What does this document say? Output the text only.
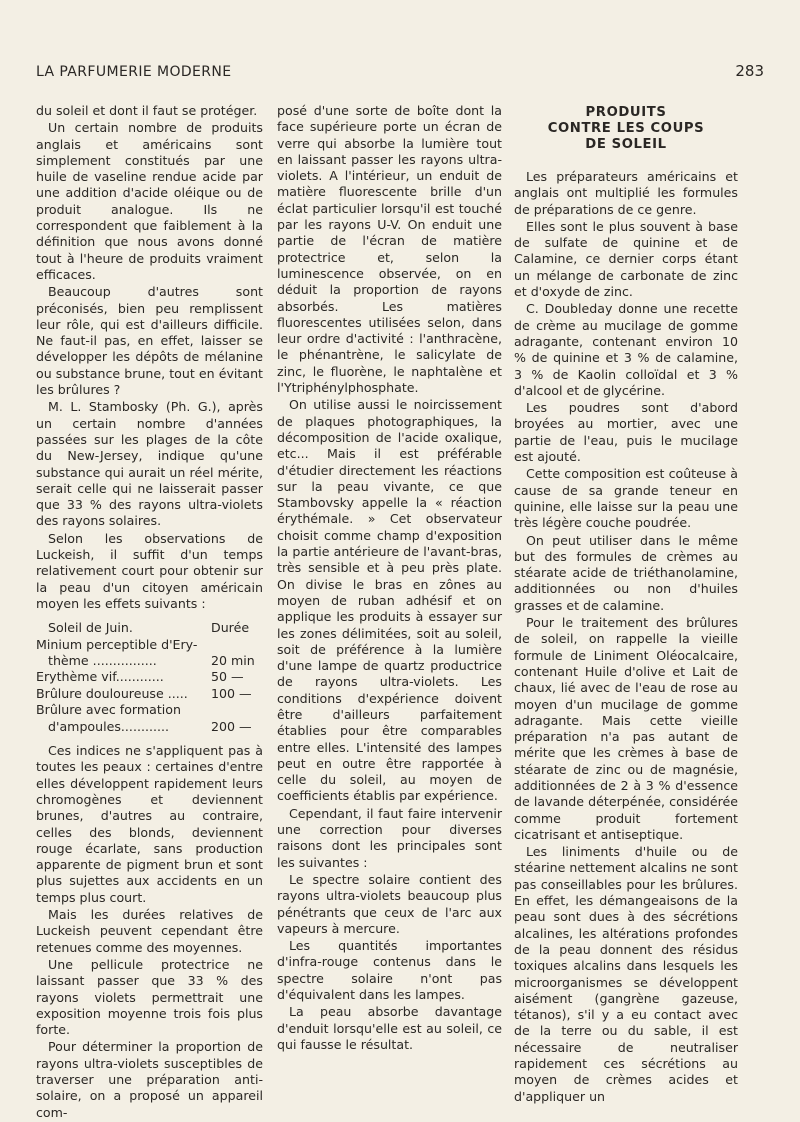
LA PARFUMERIE MODERNE	283

du soleil et dont il faut se protéger.

Un certain nombre de produits anglais et américains sont simplement constitués par une huile de vaseline rendue acide par une addition d'acide oléique ou de produit analogue. Ils ne correspondent que faiblement à la définition que nous avons donné tout à l'heure de produits vraiment efficaces.

Beaucoup d'autres sont préconisés, bien peu remplissent leur rôle, qui est d'ailleurs difficile. Ne faut-il pas, en effet, laisser se développer les dépôts de mélanine ou substance brune, tout en évitant les brûlures ?

M. L. Stambosky (Ph. G.), après un certain nombre d'années passées sur les plages de la côte du New-Jersey, indique qu'une substance qui aurait un réel mérite, serait celle qui ne laisserait passer que 33 % des rayons ultra-violets des rayons solaires.

Selon les observations de Luckeish, il suffit d'un temps relativement court pour obtenir sur la peau d'un citoyen américain moyen les effets suivants :

Soleil de Juin.	Durée
Minium perceptible d'Ery-
thème ................	20 min
Erythème vif............	50 —
Brûlure douloureuse ..... 100 —
Brûlure avec formation
d'ampoules............	200 —

Ces indices ne s'appliquent pas à toutes les peaux : certaines d'entre elles développent rapidement leurs chromogènes et deviennent brunes, d'autres au contraire, celles des blonds, deviennent rouge écarlate, sans production apparente de pigment brun et sont plus sujettes aux accidents en un temps plus court.

Mais les durées relatives de Luckeish peuvent cependant être retenues comme des moyennes.

Une pellicule protectrice ne laissant passer que 33 % des rayons violets permettrait une exposition moyenne trois fois plus forte.

Pour déterminer la proportion de rayons ultra-violets susceptibles de traverser une préparation anti-solaire, on a proposé un appareil com-

posé d'une sorte de boîte dont la face supérieure porte un écran de verre qui absorbe la lumière tout en laissant passer les rayons ultra-violets. A l'intérieur, un enduit de matière fluorescente brille d'un éclat particulier lorsqu'il est touché par les rayons U-V. On enduit une partie de l'écran de matière protectrice et, selon la luminescence observée, on en déduit la proportion de rayons absorbés. Les matières fluorescentes utilisées selon, dans leur ordre d'activité : l'anthracène, le phénantrène, le salicylate de zinc, le fluorène, le naphtalène et l'Ytriphénylphosphate.

On utilise aussi le noircissement de plaques photographiques, la décomposition de l'acide oxalique, etc... Mais il est préférable d'étudier directement les réactions sur la peau vivante, ce que Stambovsky appelle la « réaction érythémale. » Cet observateur choisit comme champ d'exposition la partie antérieure de l'avant-bras, très sensible et à peu près plate. On divise le bras en zônes au moyen de ruban adhésif et on applique les produits à essayer sur les zones délimitées, soit au soleil, soit de préférence à la lumière d'une lampe de quartz productrice de rayons ultra-violets. Les conditions d'expérience doivent être d'ailleurs parfaitement établies pour être comparables entre elles. L'intensité des lampes peut en outre être rapportée à celle du soleil, au moyen de coefficients établis par expérience.

Cependant, il faut faire intervenir une correction pour diverses raisons dont les principales sont les suivantes :

Le spectre solaire contient des rayons ultra-violets beaucoup plus pénétrants que ceux de l'arc aux vapeurs à mercure.

Les quantités importantes d'infra-rouge contenus dans le spectre solaire n'ont pas d'équivalent dans les lampes.

La peau absorbe davantage d'enduit lorsqu'elle est au soleil, ce qui fausse le résultat.

PRODUITS
CONTRE LES COUPS
DE SOLEIL

Les préparateurs américains et anglais ont multiplié les formules de préparations de ce genre.

Elles sont le plus souvent à base de sulfate de quinine et de Calamine, ce dernier corps étant un mélange de carbonate de zinc et d'oxyde de zinc.

C. Doubleday donne une recette de crème au mucilage de gomme adragante, contenant environ 10 % de quinine et 3 % de calamine, 3 % de Kaolin colloïdal et 3 % d'alcool et de glycérine.

Les poudres sont d'abord broyées au mortier, avec une partie de l'eau, puis le mucilage est ajouté.

Cette composition est coûteuse à cause de sa grande teneur en quinine, elle laisse sur la peau une très légère couche poudrée.

On peut utiliser dans le même but des formules de crèmes au stéarate acide de triéthanolamine, additionnées ou non d'huiles grasses et de calamine.

Pour le traitement des brûlures de soleil, on rappelle la vieille formule de Liniment Oléocalcaire, contenant Huile d'olive et Lait de chaux, lié avec de l'eau de rose au moyen d'un mucilage de gomme adragante. Mais cette vieille préparation n'a pas autant de mérite que les crèmes à base de stéarate de zinc ou de magnésie, additionnées de 2 à 3 % d'essence de lavande déterpénée, considérée comme produit fortement cicatrisant et antiseptique.

Les liniments d'huile ou de stéarine nettement alcalins ne sont pas conseillables pour les brûlures. En effet, les démangeaisons de la peau sont dues à des sécrétions alcalines, les altérations profondes de la peau donnent des résidus toxiques alcalins dans lesquels les microorganismes se développent aisément (gangrène gazeuse, tétanos), s'il y a eu contact avec de la terre ou du sable, il est nécessaire de neutraliser rapidement ces sécrétions au moyen de crèmes acides et d'appliquer un
